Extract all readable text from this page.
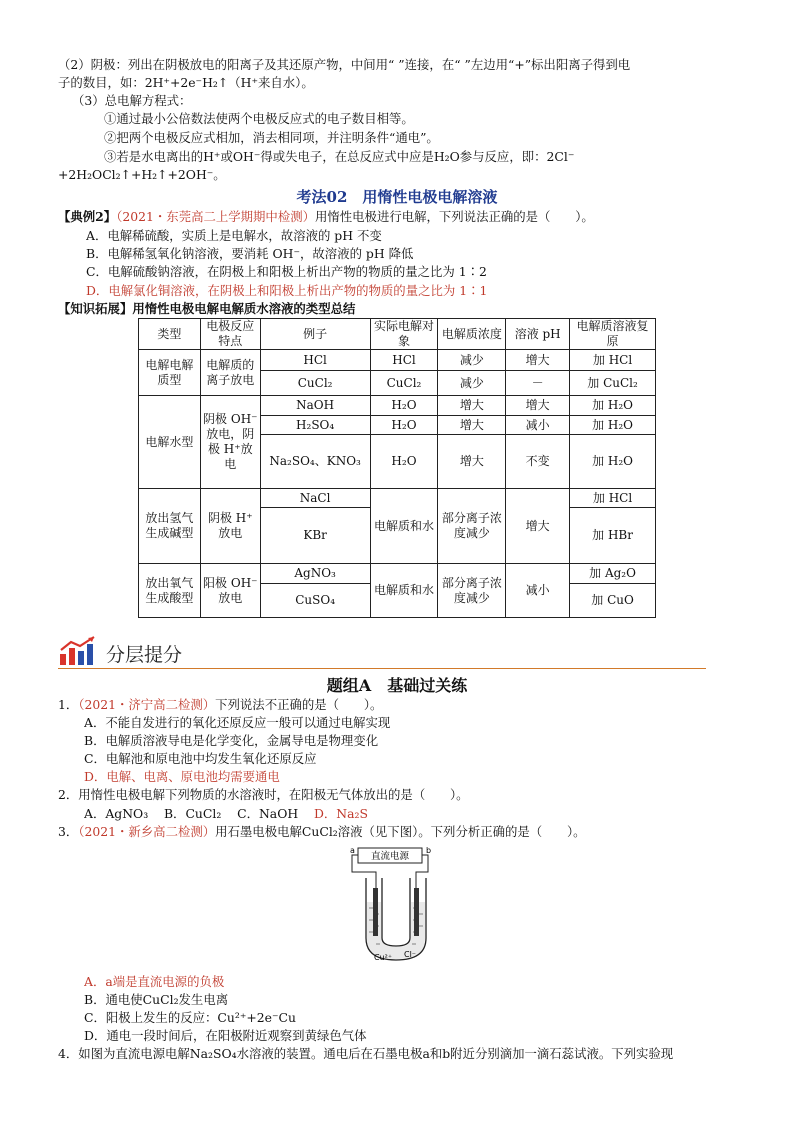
（2）阴极：列出在阴极放电的阳离子及其还原产物，中间用“ ”连接，在“ ”左边用“+”标出阳离子得到电
子的数目，如：2H⁺+2e⁻H₂↑（H⁺来自水）。
（3）总电解方程式：
①通过最小公倍数法使两个电极反应式的电子数目相等。
②把两个电极反应式相加，消去相同项，并注明条件“通电”。
③若是水电离出的H⁺或OH⁻得或失电子，在总反应式中应是H₂O参与反应，即：2Cl⁻
+2H₂OCl₂↑+H₂↑+2OH⁻。
考法02　用惰性电极电解溶液
【典例2】（2021・东莞高二上学期期中检测）用惰性电极进行电解，下列说法正确的是（　　）。
A．电解稀硫酸，实质上是电解水，故溶液的 pH 不变
B．电解稀氢氧化钠溶液，要消耗 OH⁻，故溶液的 pH 降低
C．电解硫酸钠溶液，在阴极上和阳极上析出产物的物质的量之比为 1∶2
D．电解氯化铜溶液，在阴极上和阳极上析出产物的物质的量之比为 1∶1
【知识拓展】用惰性电极电解电解质水溶液的类型总结
类型	电极反应特点	例子	实际电解对象	电解质浓度	溶液 pH	电解质溶液复原
电解电解质型	电解质的离子放电	HCl	HCl	减少	增大	加 HCl
		CuCl₂	CuCl₂	减少	－	加 CuCl₂
电解水型	阴极 OH⁻放电，阴极 H⁺放电	NaOH	H₂O	增大	增大	加 H₂O
		H₂SO₄	H₂O	增大	减小	加 H₂O
		Na₂SO₄、KNO₃	H₂O	增大	不变	加 H₂O
放出氢气生成碱型	阴极 H⁺放电	NaCl	电解质和水	部分离子浓度减少	增大	加 HCl
		KBr				加 HBr
放出氧气生成酸型	阳极 OH⁻放电	AgNO₃	电解质和水	部分离子浓度减少	减小	加 Ag₂O
		CuSO₄				加 CuO
分层提分
题组A　基础过关练
1．（2021・济宁高二检测）下列说法不正确的是（　　）。
A．不能自发进行的氧化还原反应一般可以通过电解实现
B．电解质溶液导电是化学变化，金属导电是物理变化
C．电解池和原电池中均发生氧化还原反应
D．电解、电离、原电池均需要通电
2．用惰性电极电解下列物质的水溶液时，在阳极无气体放出的是（　　）。
A．AgNO₃ B．CuCl₂ C．NaOH D．Na₂S
3．（2021・新乡高二检测）用石墨电极电解CuCl₂溶液（见下图）。下列分析正确的是（　　）。
直流电源
a	b
Cu²⁺ Cl⁻
A．a端是直流电源的负极
B．通电使CuCl₂发生电离
C．阳极上发生的反应：Cu²⁺+2e⁻Cu
D．通电一段时间后，在阳极附近观察到黄绿色气体
4．如图为直流电源电解Na₂SO₄水溶液的装置。通电后在石墨电极a和b附近分别滴加一滴石蕊试液。下列实验现
